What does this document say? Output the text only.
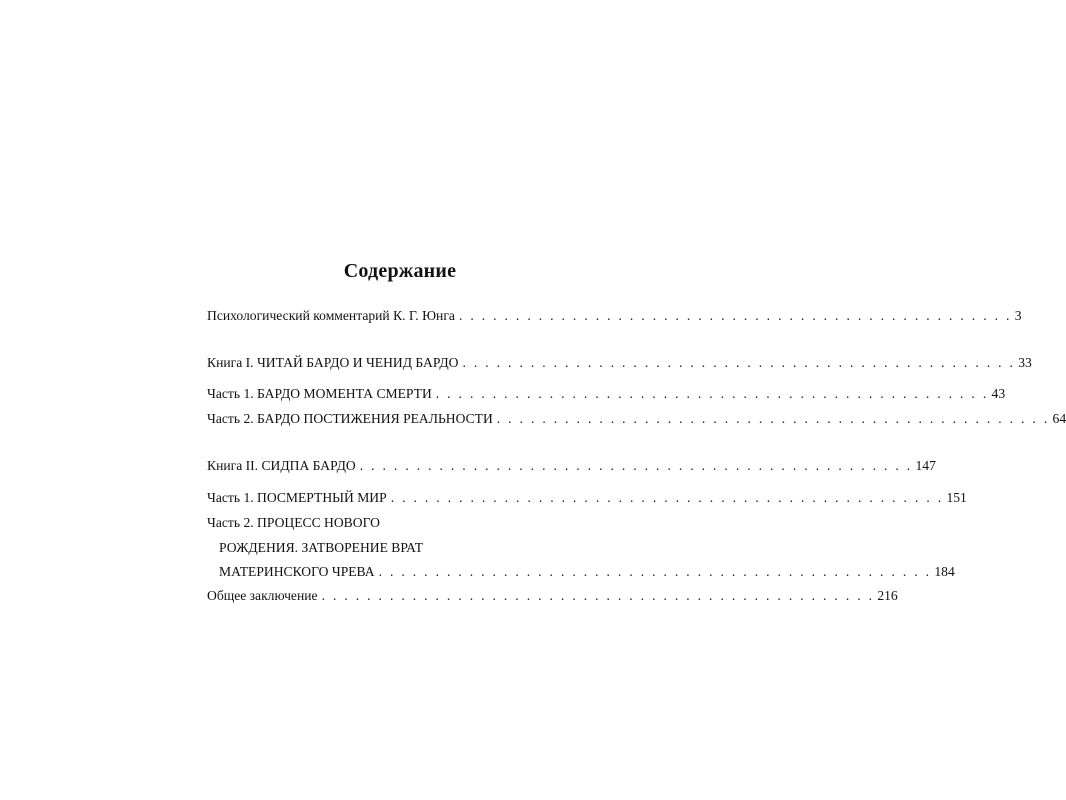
Содержание
Психологический комментарий К. Г. Юнга . . . . . . . . . . . . . . . . . . . . . . . . . . . . . . . . . . . . . . . . . . . . . . . . . 3
Книга I. ЧИТАЙ БАРДО И ЧЕНИД БАРДО . . . . . . . . . . . . . . . . . . . . . . . . . . . . . . . . . . . . . . . . . . . . . . . . . 33
Часть 1. БАРДО МОМЕНТА СМЕРТИ . . . . . . . . . . . . . . . . . . . . . . . . . . . . . . . . . . . . . . . . . . . . . . . . . 43
Часть 2. БАРДО ПОСТИЖЕНИЯ РЕАЛЬНОСТИ . . . . . . . . . . . . . . . . . . . . . . . . . . . . . . . . . . . . . . . . . . . . . . . . . 64
Книга II. СИДПА БАРДО . . . . . . . . . . . . . . . . . . . . . . . . . . . . . . . . . . . . . . . . . . . . . . . . . 147
Часть 1. ПОСМЕРТНЫЙ МИР . . . . . . . . . . . . . . . . . . . . . . . . . . . . . . . . . . . . . . . . . . . . . . . . . 151
Часть 2. ПРОЦЕСС НОВОГО
РОЖДЕНИЯ. ЗАТВОРЕНИЕ ВРАТ
МАТЕРИНСКОГО ЧРЕВА . . . . . . . . . . . . . . . . . . . . . . . . . . . . . . . . . . . . . . . . . . . . . . . . . 184
Общее заключение . . . . . . . . . . . . . . . . . . . . . . . . . . . . . . . . . . . . . . . . . . . . . . . . . 216
